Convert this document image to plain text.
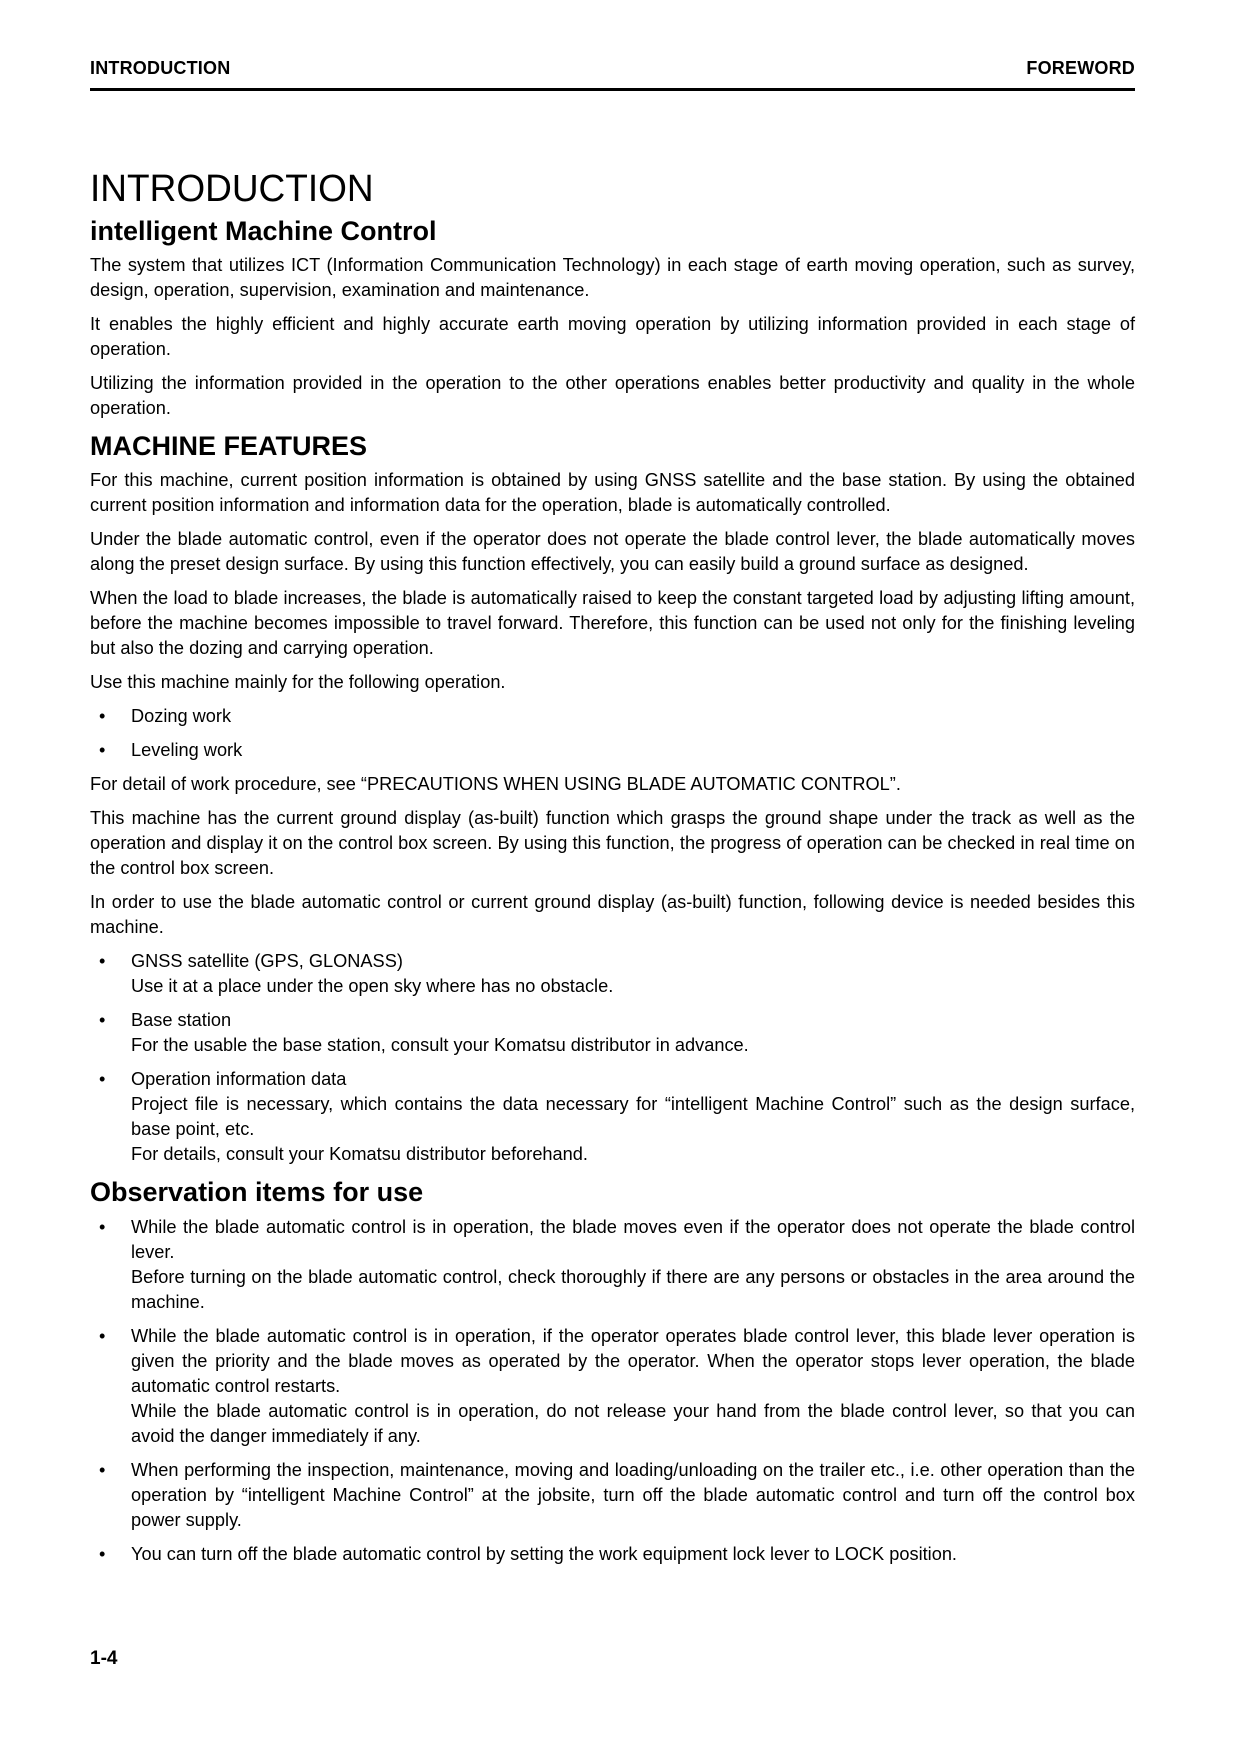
INTRODUCTION	FOREWORD
INTRODUCTION
intelligent Machine Control

The system that utilizes ICT (Information Communication Technology) in each stage of earth moving operation, such as survey, design, operation, supervision, examination and maintenance.

It enables the highly efficient and highly accurate earth moving operation by utilizing information provided in each stage of operation.

Utilizing the information provided in the operation to the other operations enables better productivity and quality in the whole operation.

MACHINE FEATURES

For this machine, current position information is obtained by using GNSS satellite and the base station. By using the obtained current position information and information data for the operation, blade is automatically controlled.

Under the blade automatic control, even if the operator does not operate the blade control lever, the blade automatically moves along the preset design surface. By using this function effectively, you can easily build a ground surface as designed.

When the load to blade increases, the blade is automatically raised to keep the constant targeted load by adjusting lifting amount, before the machine becomes impossible to travel forward. Therefore, this function can be used not only for the finishing leveling but also the dozing and carrying operation.

Use this machine mainly for the following operation.

• Dozing work
• Leveling work

For detail of work procedure, see “PRECAUTIONS WHEN USING BLADE AUTOMATIC CONTROL”.

This machine has the current ground display (as-built) function which grasps the ground shape under the track as well as the operation and display it on the control box screen. By using this function, the progress of operation can be checked in real time on the control box screen.

In order to use the blade automatic control or current ground display (as-built) function, following device is needed besides this machine.

• GNSS satellite (GPS, GLONASS)
Use it at a place under the open sky where has no obstacle.
• Base station
For the usable the base station, consult your Komatsu distributor in advance.
• Operation information data
Project file is necessary, which contains the data necessary for “intelligent Machine Control” such as the design surface, base point, etc.
For details, consult your Komatsu distributor beforehand.
Observation items for use
• While the blade automatic control is in operation, the blade moves even if the operator does not operate the blade control lever.
Before turning on the blade automatic control, check thoroughly if there are any persons or obstacles in the area around the machine.
• While the blade automatic control is in operation, if the operator operates blade control lever, this blade lever operation is given the priority and the blade moves as operated by the operator. When the operator stops lever operation, the blade automatic control restarts.
While the blade automatic control is in operation, do not release your hand from the blade control lever, so that you can avoid the danger immediately if any.
• When performing the inspection, maintenance, moving and loading/unloading on the trailer etc., i.e. other operation than the operation by “intelligent Machine Control” at the jobsite, turn off the blade automatic control and turn off the control box power supply.
• You can turn off the blade automatic control by setting the work equipment lock lever to LOCK position.
1-4
